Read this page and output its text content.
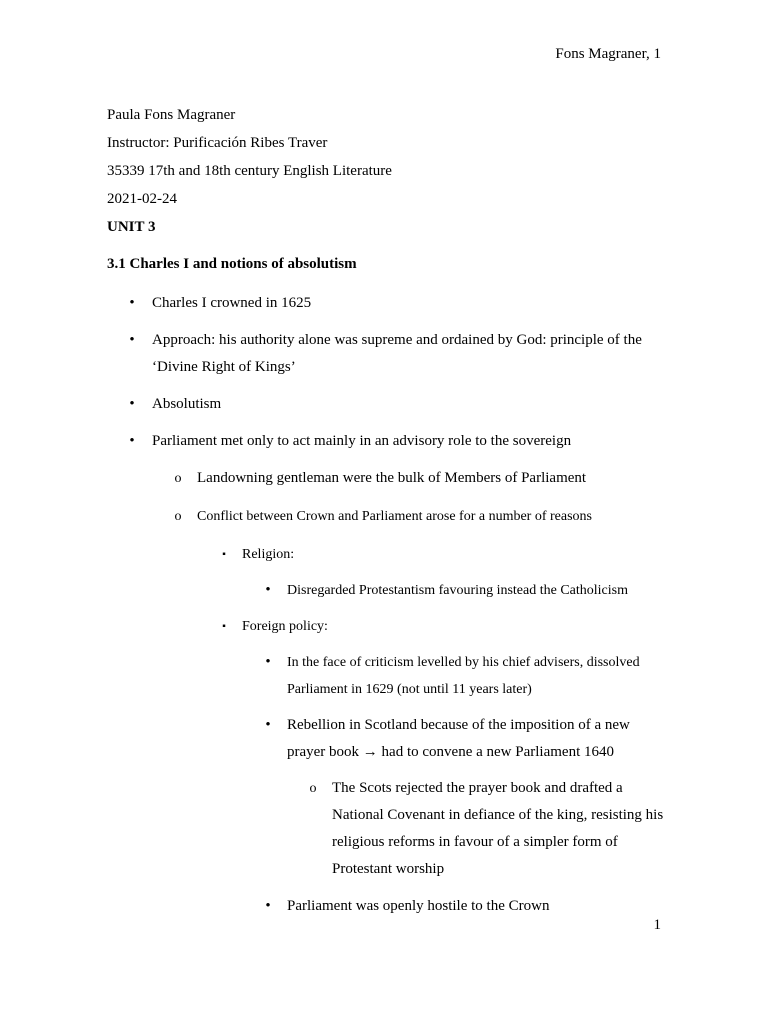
Fons Magraner, 1
Paula Fons Magraner
Instructor: Purificación Ribes Traver
35339 17th and 18th century English Literature
2021-02-24
UNIT 3
3.1 Charles I and notions of absolutism
• Charles I crowned in 1625
• Approach: his authority alone was supreme and ordained by God: principle of the ‘Divine Right of Kings’
• Absolutism
• Parliament met only to act mainly in an advisory role to the sovereign
o Landowning gentleman were the bulk of Members of Parliament
o Conflict between Crown and Parliament arose for a number of reasons
▪ Religion:
• Disregarded Protestantism favouring instead the Catholicism
▪ Foreign policy:
• In the face of criticism levelled by his chief advisers, dissolved Parliament in 1629 (not until 11 years later)
• Rebellion in Scotland because of the imposition of a new prayer book → had to convene a new Parliament 1640
o The Scots rejected the prayer book and drafted a National Covenant in defiance of the king, resisting his religious reforms in favour of a simpler form of Protestant worship
• Parliament was openly hostile to the Crown
1
